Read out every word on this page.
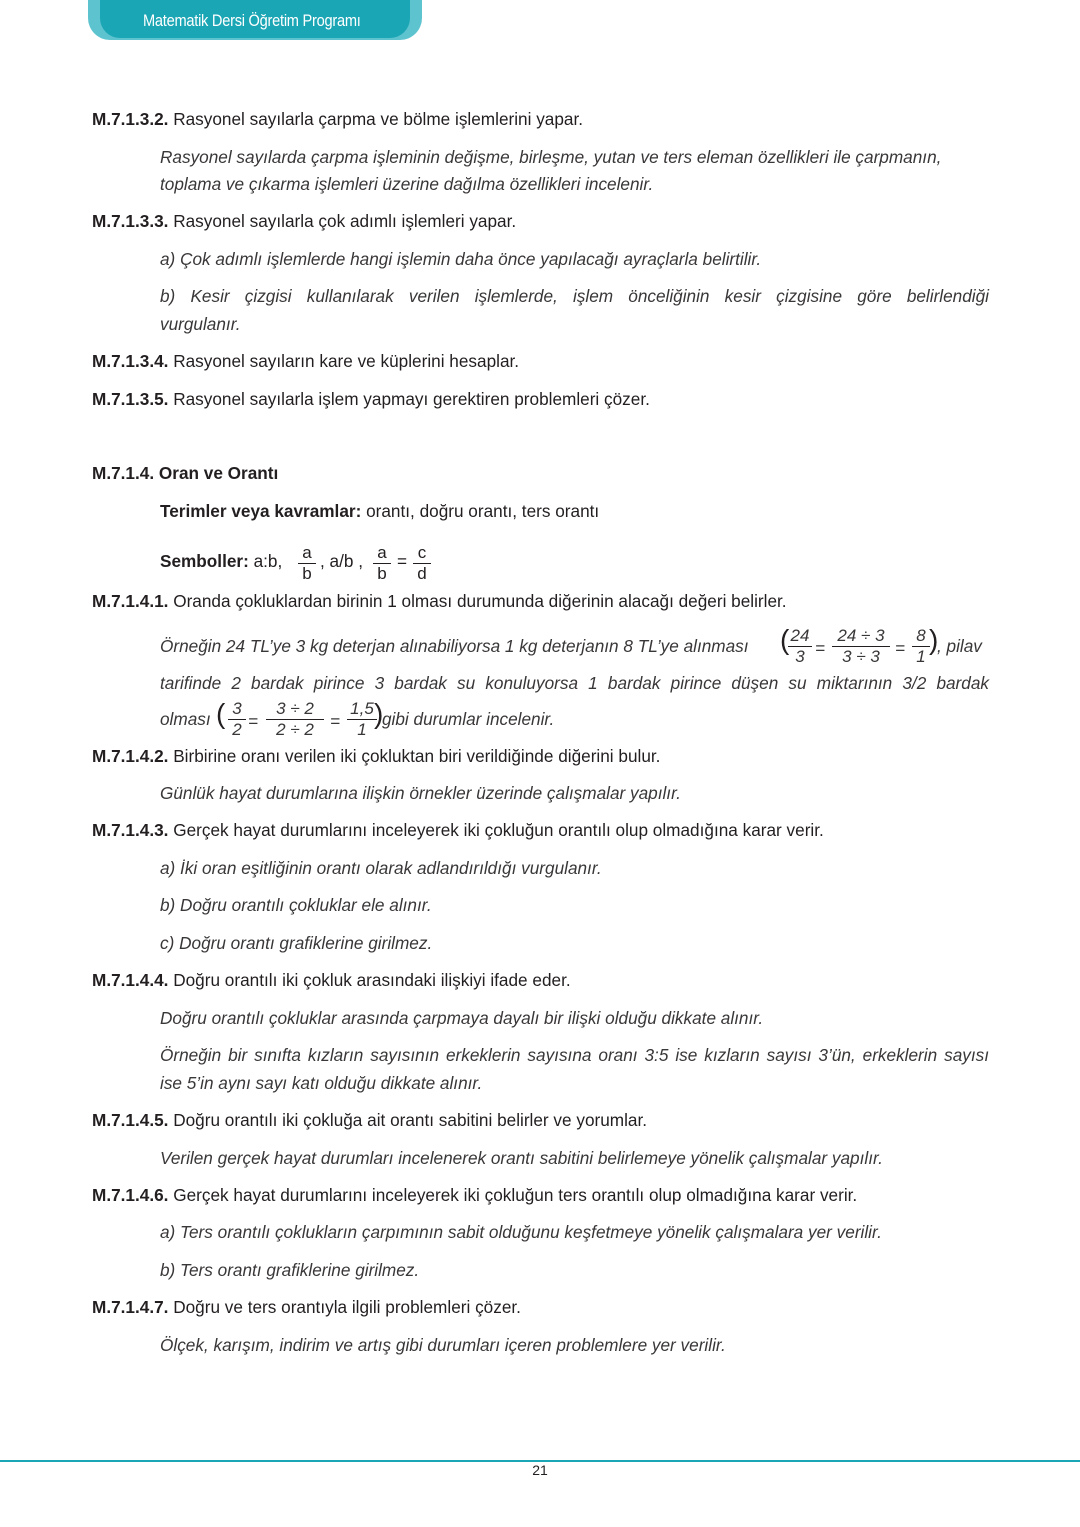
Matematik Dersi Öğretim Programı
M.7.1.3.2. Rasyonel sayılarla çarpma ve bölme işlemlerini yapar.
Rasyonel sayılarda çarpma işleminin değişme, birleşme, yutan ve ters eleman özellikleri ile çarpmanın,
toplama ve çıkarma işlemleri üzerine dağılma özellikleri incelenir.
M.7.1.3.3. Rasyonel sayılarla çok adımlı işlemleri yapar.
a) Çok adımlı işlemlerde hangi işlemin daha önce yapılacağı ayraçlarla belirtilir.
b) Kesir çizgisi kullanılarak verilen işlemlerde, işlem önceliğinin kesir çizgisine göre belirlendiği
vurgulanır.
M.7.1.3.4. Rasyonel sayıların kare ve küplerini hesaplar.
M.7.1.3.5. Rasyonel sayılarla işlem yapmayı gerektiren problemleri çözer.
M.7.1.4. Oran ve Orantı
Terimler veya kavramlar: orantı, doğru orantı, ters orantı
Semboller: a:b, a
b
, a/b , a
b
= c
d
M.7.1.4.1. Oranda çokluklardan birinin 1 olması durumunda diğerinin alacağı değeri belirler.
Örneğin 24 TL’ye 3 kg deterjan alınabiliyorsa 1 kg deterjanın 8 TL’ye alınması ( 24
3 =
24 ÷ 3
3 ÷ 3 =
8
1
)
, pilav
tarifinde 2 bardak pirince 3 bardak su konuluyorsa 1 bardak pirince düşen su miktarının 3/2 bardak
olması ( 3
2 =
3 ÷ 2
2 ÷ 2 =
1,5
1
)
gibi durumlar incelenir.
M.7.1.4.2. Birbirine oranı verilen iki çokluktan biri verildiğinde diğerini bulur.
Günlük hayat durumlarına ilişkin örnekler üzerinde çalışmalar yapılır.
M.7.1.4.3. Gerçek hayat durumlarını inceleyerek iki çokluğun orantılı olup olmadığına karar verir.
a) İki oran eşitliğinin orantı olarak adlandırıldığı vurgulanır.
b) Doğru orantılı çokluklar ele alınır.
c) Doğru orantı grafiklerine girilmez.
M.7.1.4.4. Doğru orantılı iki çokluk arasındaki ilişkiyi ifade eder.
Doğru orantılı çokluklar arasında çarpmaya dayalı bir ilişki olduğu dikkate alınır.
Örneğin bir sınıfta kızların sayısının erkeklerin sayısına oranı 3:5 ise kızların sayısı 3’ün, erkeklerin sayısı
ise 5’in aynı sayı katı olduğu dikkate alınır.
M.7.1.4.5. Doğru orantılı iki çokluğa ait orantı sabitini belirler ve yorumlar.
Verilen gerçek hayat durumları incelenerek orantı sabitini belirlemeye yönelik çalışmalar yapılır.
M.7.1.4.6. Gerçek hayat durumlarını inceleyerek iki çokluğun ters orantılı olup olmadığına karar verir.
a) Ters orantılı çoklukların çarpımının sabit olduğunu keşfetmeye yönelik çalışmalara yer verilir.
b) Ters orantı grafiklerine girilmez.
M.7.1.4.7. Doğru ve ters orantıyla ilgili problemleri çözer.
Ölçek, karışım, indirim ve artış gibi durumları içeren problemlere yer verilir.
21
